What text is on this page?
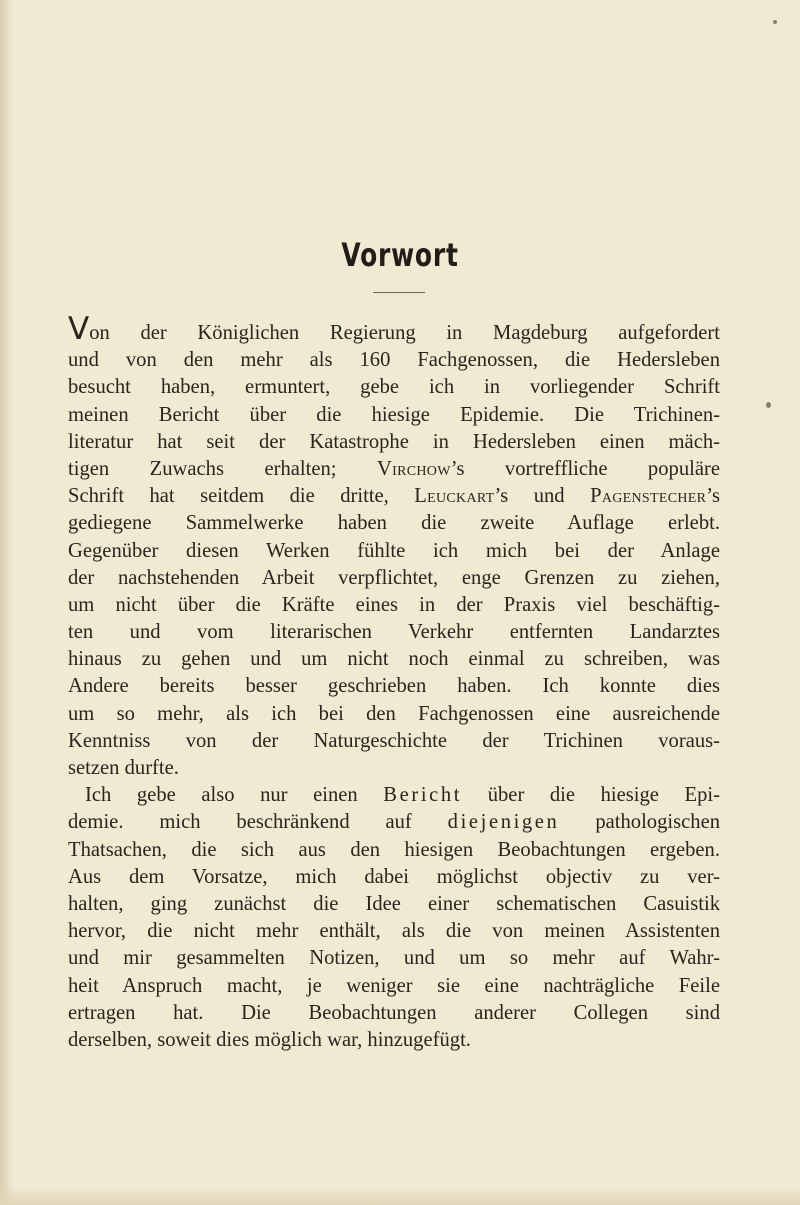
Vorwort
Von der Königlichen Regierung in Magdeburg aufgefordert
und von den mehr als 160 Fachgenossen, die Hedersleben
besucht haben, ermuntert, gebe ich in vorliegender Schrift
meinen Bericht über die hiesige Epidemie. Die Trichinen-
literatur hat seit der Katastrophe in Hedersleben einen mäch-
tigen Zuwachs erhalten; Virchow’s vortreffliche populäre
Schrift hat seitdem die dritte, Leuckart’s und Pagenstecher’s
gediegene Sammelwerke haben die zweite Auflage erlebt.
Gegenüber diesen Werken fühlte ich mich bei der Anlage
der nachstehenden Arbeit verpflichtet, enge Grenzen zu ziehen,
um nicht über die Kräfte eines in der Praxis viel beschäftig-
ten und vom literarischen Verkehr entfernten Landarztes
hinaus zu gehen und um nicht noch einmal zu schreiben, was
Andere bereits besser geschrieben haben. Ich konnte dies
um so mehr, als ich bei den Fachgenossen eine ausreichende
Kenntniss von der Naturgeschichte der Trichinen voraus-
setzen durfte.
Ich gebe also nur einen Bericht über die hiesige Epi-
demie. mich beschränkend auf diejenigen pathologischen
Thatsachen, die sich aus den hiesigen Beobachtungen ergeben.
Aus dem Vorsatze, mich dabei möglichst objectiv zu ver-
halten, ging zunächst die Idee einer schematischen Casuistik
hervor, die nicht mehr enthält, als die von meinen Assistenten
und mir gesammelten Notizen, und um so mehr auf Wahr-
heit Anspruch macht, je weniger sie eine nachträgliche Feile
ertragen hat. Die Beobachtungen anderer Collegen sind
derselben, soweit dies möglich war, hinzugefügt.
